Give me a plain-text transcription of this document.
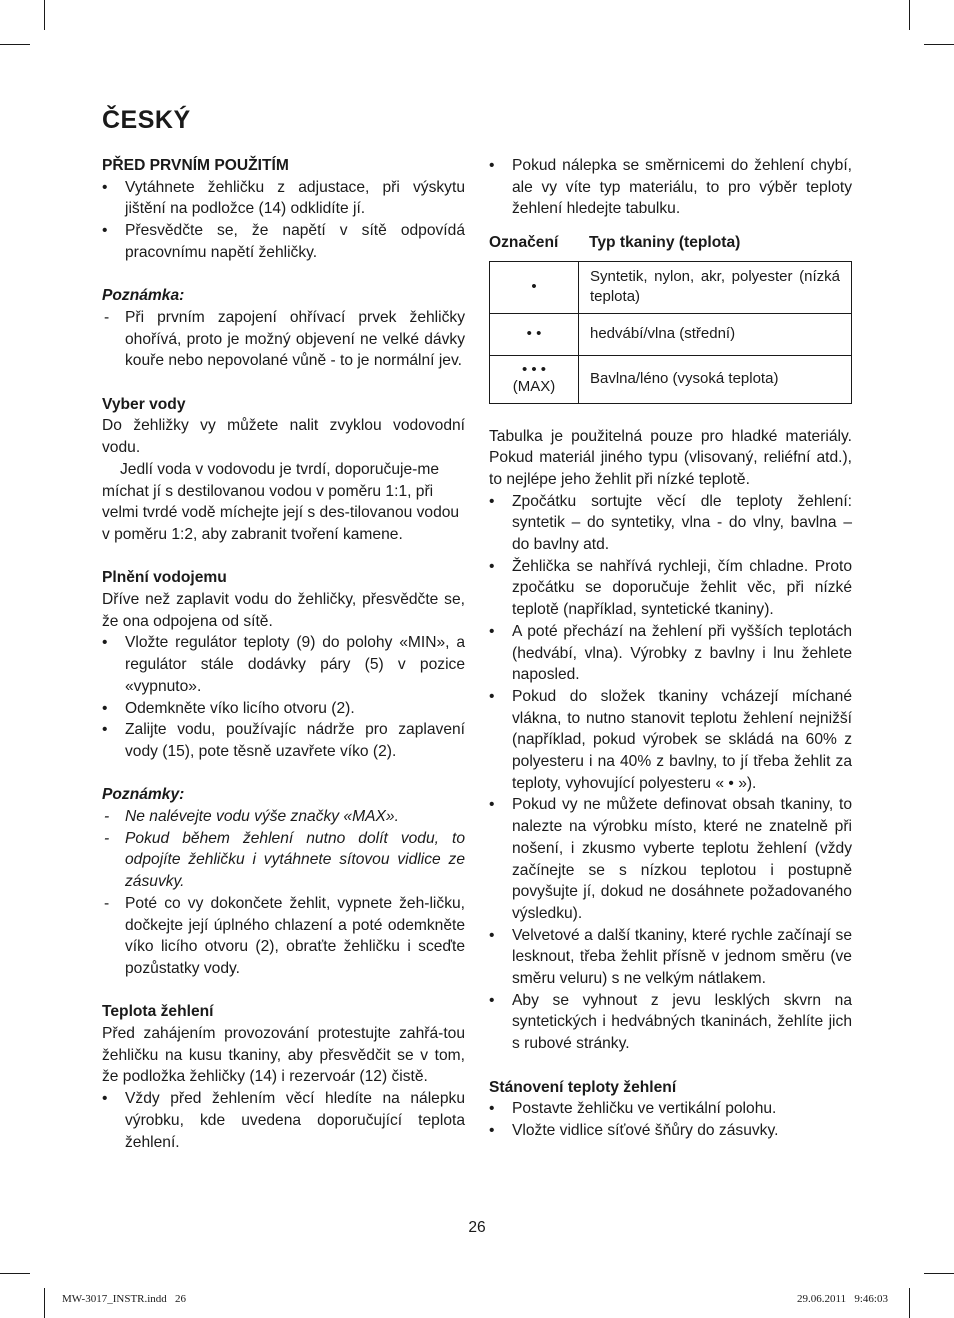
ČESKÝ
PŘED PRVNÍM POUŽITÍM
• Vytáhnete žehličku z adjustace, při výskytu jištění na podložce (14) odklidíte jí.
• Přesvědčte se, že napětí v sítě odpovídá pracovnímu napětí žehličky.
Poznámka:
- Při prvním zapojení ohřívací prvek žehličky ohořívá, proto je možný objevení ne velké dávky kouře nebo nepovolané vůně - to je normální jev.
Vyber vody

Do žehližky vy můžete nalit zvyklou vodovodní vodu.

Jedlí voda v vodovodu je tvrdí, doporučuje-me míchat jí s destilovanou vodou v poměru 1:1, při velmi tvrdé vodě míchejte její s des-tilovanou vodou v poměru 1:2, aby zabranit tvoření kamene.

Plnění vodojemu

Dříve než zaplavit vodu do žehličky, přesvědčte se, že ona odpojena od sítě.

• Vložte regulátor teploty (9) do polohy «MIN», a regulátor stále dodávky páry (5) v pozice «vypnuto».
• Odemkněte víko licího otvoru (2).
• Zalijte vodu, používajíc nádrže pro zaplavení vody (15), pote těsně uzavřete víko (2).
Poznámky:
- Ne nalévejte vodu výše značky «MAX».
- Pokud během žehlení nutno dolít vodu, to odpojíte žehličku i vytáhnete sítovou vidlice ze zásuvky.
- Poté co vy dokončete žehlit, vypnete žeh-ličku, dočkejte její úplného chlazení a poté odemkněte víko licího otvoru (2), obraťte žehličku i sceďte pozůstatky vody.
Teplota žehlení

Před zahájením provozování protestujte zahřá-tou žehličku na kusu tkaniny, aby přesvědčit se v tom, že podložka žehličky (14) i rezervoár (12) čistě.

• Vždy před žehlením věcí hledíte na nálepku výrobku, kde uvedena doporučující teplota žehlení.
• Pokud nálepka se směrnicemi do žehlení chybí, ale vy víte typ materiálu, to pro výběr teploty žehlení hledejte tabulku.
Označení	Typ tkaniny (teplota)
•	Syntetik, nylon, akr, polyester (nízká teplota)
• •	hedvábí/vlna (střední)

• • •
(MAX)	Bavlna/léno (vysoká teplota)

Tabulka je použitelná pouze pro hladké materiály. Pokud materiál jiného typu (vlisovaný, reliéfní atd.), to nejlépe jeho žehlit při nízké teplotě.

• Zpočátku sortujte věcí dle teploty žehlení: syntetik – do syntetiky, vlna - do vlny, bavlna – do bavlny atd.
• Žehlička se nahřívá rychleji, čím chladne. Proto zpočátku se doporučuje žehlit věc, při nízké teplotě (například, syntetické tkaniny).
• A poté přechází na žehlení při vyšších teplotách (hedvábí, vlna). Výrobky z bavlny i lnu žehlete naposled.
• Pokud do složek tkaniny vcházejí míchané vlákna, to nutno stanovit teplotu žehlení nejnižší (například, pokud výrobek se skládá na 60% z polyesteru i na 40% z bavlny, to jí třeba žehlit za teploty, vyhovující polyesteru « • »).
• Pokud vy ne můžete definovat obsah tkaniny, to nalezte na výrobku místo, které ne znatelně při nošení, i zkusmo vyberte teplotu žehlení (vždy začínejte se s nízkou teplotou i postupně povyšujte jí, dokud ne dosáhnete požadovaného výsledku).
• Velvetové a další tkaniny, které rychle začínají se lesknout, třeba žehlit přísně v jednom směru (ve směru veluru) s ne velkým nátlakem.
• Aby se vyhnout z jevu lesklých skvrn na syntetických i hedvábných tkaninách, žehlíte jich s rubové stránky.
Stánovení teploty žehlení
• Postavte žehličku ve vertikální polohu.
• Vložte vidlice síťové šňůry do zásuvky.
26
MW-3017_INSTR.indd   26	29.06.2011   9:46:03
